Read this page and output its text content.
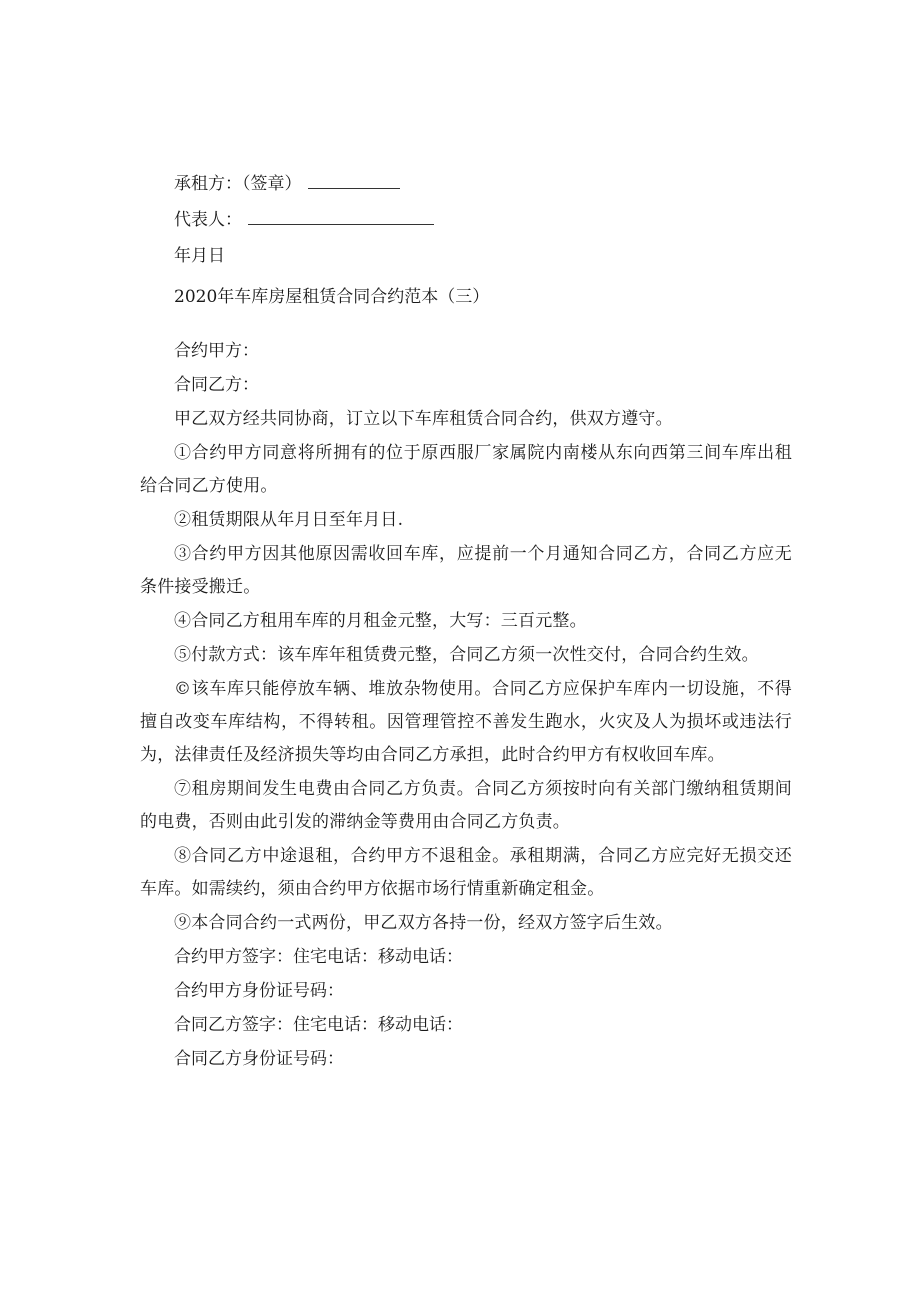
承租方：（签章）

代表人：

年月日

2020年车库房屋租赁合同合约范本（三）

合约甲方：

合同乙方：

甲乙双方经共同协商，订立以下车库租赁合同合约，供双方遵守。

①合约甲方同意将所拥有的位于原西服厂家属院内南楼从东向西第三间车库出租给合同乙方使用。

②租赁期限从年月日至年月日.

③合约甲方因其他原因需收回车库，应提前一个月通知合同乙方，合同乙方应无条件接受搬迁。

④合同乙方租用车库的月租金元整，大写：三百元整。

⑤付款方式：该车库年租赁费元整，合同乙方须一次性交付，合同合约生效。

©该车库只能停放车辆、堆放杂物使用。合同乙方应保护车库内一切设施，不得擅自改变车库结构，不得转租。因管理管控不善发生跑水，火灾及人为损坏或违法行为，法律责任及经济损失等均由合同乙方承担，此时合约甲方有权收回车库。

⑦租房期间发生电费由合同乙方负责。合同乙方须按时向有关部门缴纳租赁期间的电费，否则由此引发的滞纳金等费用由合同乙方负责。

⑧合同乙方中途退租，合约甲方不退租金。承租期满，合同乙方应完好无损交还车库。如需续约，须由合约甲方依据市场行情重新确定租金。

⑨本合同合约一式两份，甲乙双方各持一份，经双方签字后生效。

合约甲方签字：住宅电话：移动电话：

合约甲方身份证号码：

合同乙方签字：住宅电话：移动电话：

合同乙方身份证号码：
